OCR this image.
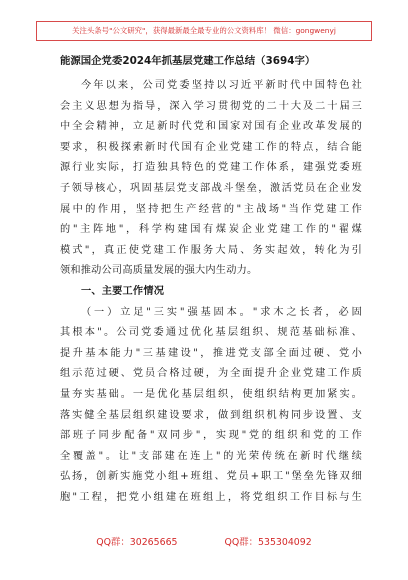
关注头条号"公文研究"，获得最新最全最专业的公文资料库！ 微信：gongwenyj
能源国企党委2024年抓基层党建工作总结（3694字）
今年以来，公司党委坚持以习近平新时代中国特色社
会主义思想为指导，深入学习贯彻党的二十大及二十届三
中全会精神，立足新时代党和国家对国有企业改革发展的
要求，积极探索新时代国有企业党建工作的特点，结合能
源行业实际，打造独具特色的党建工作体系，建强党委班
子领导核心，巩固基层党支部战斗堡垒，激活党员在企业发
展中的作用，坚持把生产经营的"主战场"当作党建工作
的"主阵地"，科学构建国有煤炭企业党建工作的"翟煤
模式"，真正使党建工作服务大局、务实起效，转化为引
领和推动公司高质量发展的强大内生动力。
一、主要工作情况
（一）立足"三实"强基固本。"求木之长者，必固
其根本"。公司党委通过优化基层组织、规范基础标准、
提升基本能力"三基建设"，推进党支部全面过硬、党小
组示范过硬、党员合格过硬，为全面提升企业党建工作质
量夯实基础。一是优化基层组织，使组织结构更加紧实。
落实健全基层组织建设要求，做到组织机构同步设置、支
部班子同步配备"双同步"，实现"党的组织和党的工作
全覆盖"。让"支部建在连上"的光荣传统在新时代继续
弘扬，创新实施党小组+班组、党员+职工"堡垒先锋双细
胞"工程，把党小组建在班组上，将党组织工作目标与生
QQ群：30265665	QQ群：535304092
